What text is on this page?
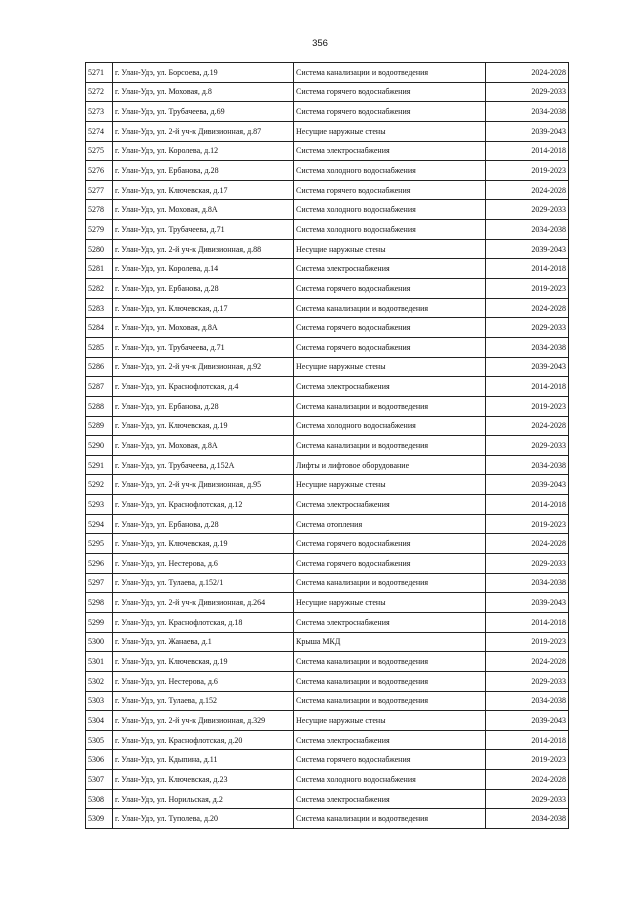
356
5271	г. Улан-Удэ, ул. Борсоева, д.19	Система канализации и водоотведения	2024-2028
5272	г. Улан-Удэ, ул. Моховая, д.8	Система горячего водоснабжения	2029-2033
5273	г. Улан-Удэ, ул. Трубачеева, д.69	Система горячего водоснабжения	2034-2038
5274	г. Улан-Удэ, ул. 2-й уч-к Дивизионная, д.87	Несущие наружные стены	2039-2043
5275	г. Улан-Удэ, ул. Королева, д.12	Система электроснабжения	2014-2018
5276	г. Улан-Удэ, ул. Ербанова, д.28	Система холодного водоснабжения	2019-2023
5277	г. Улан-Удэ, ул. Ключевская, д.17	Система горячего водоснабжения	2024-2028
5278	г. Улан-Удэ, ул. Моховая, д.8А	Система холодного водоснабжения	2029-2033
5279	г. Улан-Удэ, ул. Трубачеева, д.71	Система холодного водоснабжения	2034-2038
5280	г. Улан-Удэ, ул. 2-й уч-к Дивизионная, д.88	Несущие наружные стены	2039-2043
5281	г. Улан-Удэ, ул. Королева, д.14	Система электроснабжения	2014-2018
5282	г. Улан-Удэ, ул. Ербанова, д.28	Система горячего водоснабжения	2019-2023
5283	г. Улан-Удэ, ул. Ключевская, д.17	Система канализации и водоотведения	2024-2028
5284	г. Улан-Удэ, ул. Моховая, д.8А	Система горячего водоснабжения	2029-2033
5285	г. Улан-Удэ, ул. Трубачеева, д.71	Система горячего водоснабжения	2034-2038
5286	г. Улан-Удэ, ул. 2-й уч-к Дивизионная, д.92	Несущие наружные стены	2039-2043
5287	г. Улан-Удэ, ул. Краснофлотская, д.4	Система электроснабжения	2014-2018
5288	г. Улан-Удэ, ул. Ербанова, д.28	Система канализации и водоотведения	2019-2023
5289	г. Улан-Удэ, ул. Ключевская, д.19	Система холодного водоснабжения	2024-2028
5290	г. Улан-Удэ, ул. Моховая, д.8А	Система канализации и водоотведения	2029-2033
5291	г. Улан-Удэ, ул. Трубачеева, д.152А	Лифты и лифтовое оборудование	2034-2038
5292	г. Улан-Удэ, ул. 2-й уч-к Дивизионная, д.95	Несущие наружные стены	2039-2043
5293	г. Улан-Удэ, ул. Краснофлотская, д.12	Система электроснабжения	2014-2018
5294	г. Улан-Удэ, ул. Ербанова, д.28	Система отопления	2019-2023
5295	г. Улан-Удэ, ул. Ключевская, д.19	Система горячего водоснабжения	2024-2028
5296	г. Улан-Удэ, ул. Нестерова, д.6	Система горячего водоснабжения	2029-2033
5297	г. Улан-Удэ, ул. Тулаева, д.152/1	Система канализации и водоотведения	2034-2038
5298	г. Улан-Удэ, ул. 2-й уч-к Дивизионная, д.264	Несущие наружные стены	2039-2043
5299	г. Улан-Удэ, ул. Краснофлотская, д.18	Система электроснабжения	2014-2018
5300	г. Улан-Удэ, ул. Жанаева, д.1	Крыша МКД	2019-2023
5301	г. Улан-Удэ, ул. Ключевская, д.19	Система канализации и водоотведения	2024-2028
5302	г. Улан-Удэ, ул. Нестерова, д.6	Система канализации и водоотведения	2029-2033
5303	г. Улан-Удэ, ул. Тулаева, д.152	Система канализации и водоотведения	2034-2038
5304	г. Улан-Удэ, ул. 2-й уч-к Дивизионная, д.329	Несущие наружные стены	2039-2043
5305	г. Улан-Удэ, ул. Краснофлотская, д.20	Система электроснабжения	2014-2018
5306	г. Улан-Удэ, ул. Кдыпина, д.11	Система горячего водоснабжения	2019-2023
5307	г. Улан-Удэ, ул. Ключевская, д.23	Система холодного водоснабжения	2024-2028
5308	г. Улан-Удэ, ул. Норильская, д.2	Система электроснабжения	2029-2033
5309	г. Улан-Удэ, ул. Туполева, д.20	Система канализации и водоотведения	2034-2038
